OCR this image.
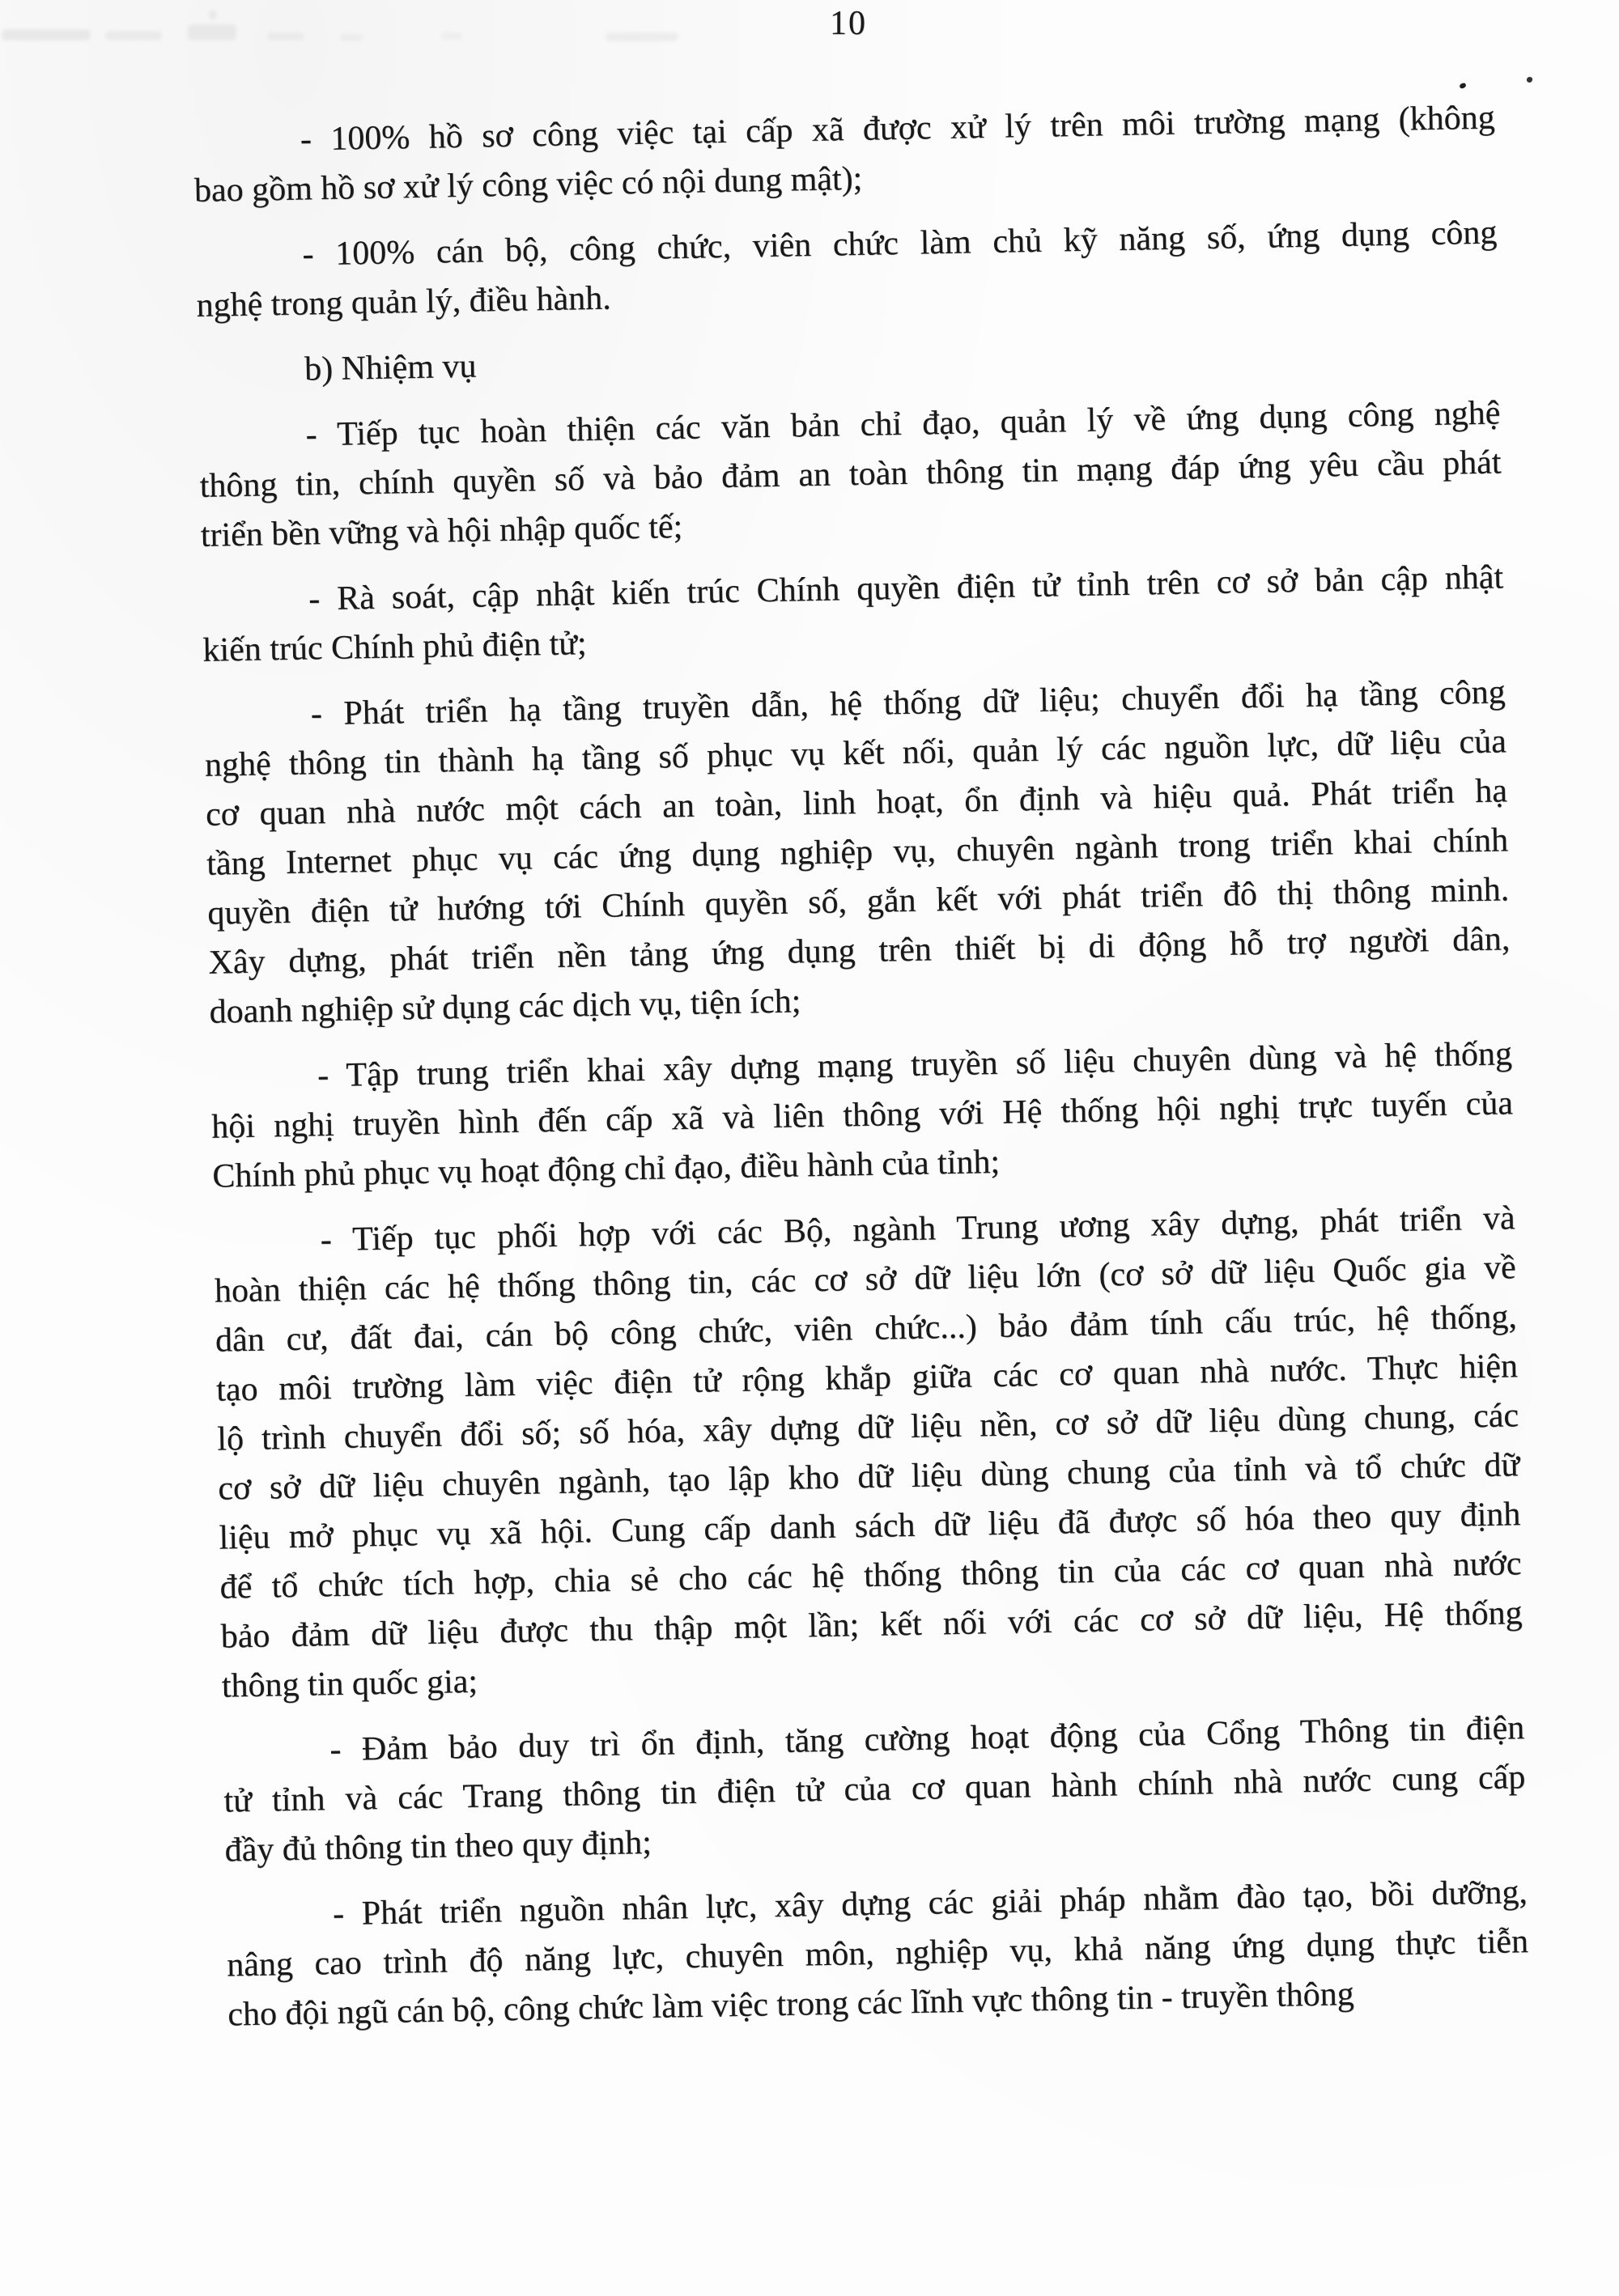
10
- 100% hồ sơ công việc tại cấp xã được xử lý trên môi trường mạng (không
bao gồm hồ sơ xử lý công việc có nội dung mật);
- 100% cán bộ, công chức, viên chức làm chủ kỹ năng số, ứng dụng công
nghệ trong quản lý, điều hành.
b) Nhiệm vụ
- Tiếp tục hoàn thiện các văn bản chỉ đạo, quản lý về ứng dụng công nghệ
thông tin, chính quyền số và bảo đảm an toàn thông tin mạng đáp ứng yêu cầu phát
triển bền vững và hội nhập quốc tế;
- Rà soát, cập nhật kiến trúc Chính quyền điện tử tỉnh trên cơ sở bản cập nhật
kiến trúc Chính phủ điện tử;
- Phát triển hạ tầng truyền dẫn, hệ thống dữ liệu; chuyển đổi hạ tầng công
nghệ thông tin thành hạ tầng số phục vụ kết nối, quản lý các nguồn lực, dữ liệu của
cơ quan nhà nước một cách an toàn, linh hoạt, ổn định và hiệu quả. Phát triển hạ
tầng Internet phục vụ các ứng dụng nghiệp vụ, chuyên ngành trong triển khai chính
quyền điện tử hướng tới Chính quyền số, gắn kết với phát triển đô thị thông minh.
Xây dựng, phát triển nền tảng ứng dụng trên thiết bị di động hỗ trợ người dân,
doanh nghiệp sử dụng các dịch vụ, tiện ích;
- Tập trung triển khai xây dựng mạng truyền số liệu chuyên dùng và hệ thống
hội nghị truyền hình đến cấp xã và liên thông với Hệ thống hội nghị trực tuyến của
Chính phủ phục vụ hoạt động chỉ đạo, điều hành của tỉnh;
- Tiếp tục phối hợp với các Bộ, ngành Trung ương xây dựng, phát triển và
hoàn thiện các hệ thống thông tin, các cơ sở dữ liệu lớn (cơ sở dữ liệu Quốc gia về
dân cư, đất đai, cán bộ công chức, viên chức...) bảo đảm tính cấu trúc, hệ thống,
tạo môi trường làm việc điện tử rộng khắp giữa các cơ quan nhà nước. Thực hiện
lộ trình chuyển đổi số; số hóa, xây dựng dữ liệu nền, cơ sở dữ liệu dùng chung, các
cơ sở dữ liệu chuyên ngành, tạo lập kho dữ liệu dùng chung của tỉnh và tổ chức dữ
liệu mở phục vụ xã hội. Cung cấp danh sách dữ liệu đã được số hóa theo quy định
để tổ chức tích hợp, chia sẻ cho các hệ thống thông tin của các cơ quan nhà nước
bảo đảm dữ liệu được thu thập một lần; kết nối với các cơ sở dữ liệu, Hệ thống
thông tin quốc gia;
- Đảm bảo duy trì ổn định, tăng cường hoạt động của Cổng Thông tin điện
tử tỉnh và các Trang thông tin điện tử của cơ quan hành chính nhà nước cung cấp
đầy đủ thông tin theo quy định;
- Phát triển nguồn nhân lực, xây dựng các giải pháp nhằm đào tạo, bồi dưỡng,
nâng cao trình độ năng lực, chuyên môn, nghiệp vụ, khả năng ứng dụng thực tiễn
cho đội ngũ cán bộ, công chức làm việc trong các lĩnh vực thông tin - truyền thông
